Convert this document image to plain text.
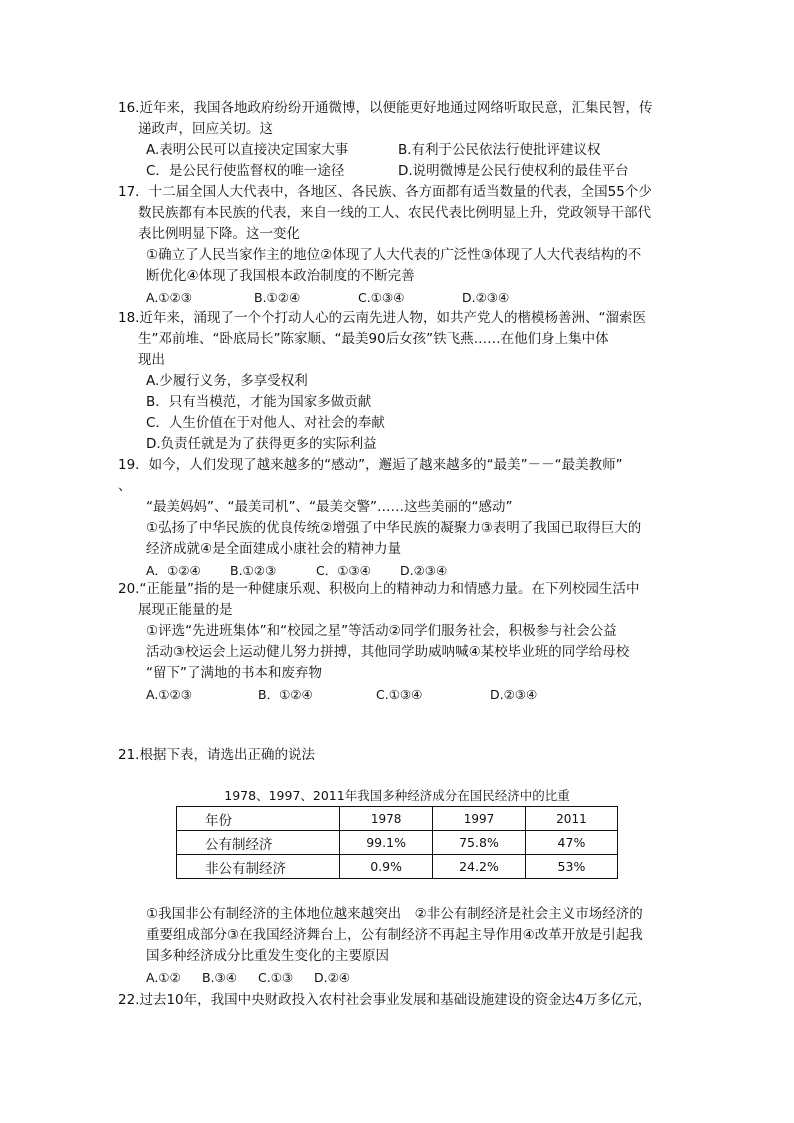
16.近年来，我国各地政府纷纷开通微博，以便能更好地通过网络听取民意，汇集民智，传
递政声，回应关切。这
A.表明公民可以直接决定国家大事	B.有利于公民依法行使批评建议权
C．是公民行使监督权的唯一途径	D.说明微博是公民行使权利的最佳平台
17．十二届全国人大代表中，各地区、各民族、各方面都有适当数量的代表，全国55个少
数民族都有本民族的代表，来自一线的工人、农民代表比例明显上升，党政领导干部代
表比例明显下降。这一变化
①确立了人民当家作主的地位②体现了人大代表的广泛性③体现了人大代表结构的不
断优化④体现了我国根本政治制度的不断完善
A.①②③	B.①②④	C.①③④	D.②③④
18.近年来，涌现了一个个打动人心的云南先进人物，如共产党人的楷模杨善洲、“溜索医
生”邓前堆、“卧底局长”陈家顺、“最美90后女孩”铁飞燕……在他们身上集中体
现出
A.少履行义务，多享受权利
B．只有当模范，才能为国家多做贡献
C．人生价值在于对他人、对社会的奉献
D.负责任就是为了获得更多的实际利益
19．如今，人们发现了越来越多的“感动”，邂逅了越来越多的“最美”－－“最美教师”
、
“最美妈妈”、“最美司机”、“最美交警”……这些美丽的“感动”
①弘扬了中华民族的优良传统②增强了中华民族的凝聚力③表明了我国已取得巨大的
经济成就④是全面建成小康社会的精神力量
A．①②④	B.①②③	C．①③④	D.②③④
20.“正能量”指的是一种健康乐观、积极向上的精神动力和情感力量。在下列校园生活中
展现正能量的是
①评选“先进班集体”和“校园之星”等活动②同学们服务社会，积极参与社会公益
活动③校运会上运动健儿努力拼搏，其他同学助威呐喊④某校毕业班的同学给母校
“留下”了满地的书本和废弃物
A.①②③	B．①②④	C.①③④	D.②③④
21.根据下表，请选出正确的说法
1978、1997、2011年我国多种经济成分在国民经济中的比重
年份	1978	1997	2011
公有制经济	99.1%	75.8%	47%
非公有制经济	0.9%	24.2%	53%
①我国非公有制经济的主体地位越来越突出　②非公有制经济是社会主义市场经济的
重要组成部分③在我国经济舞台上，公有制经济不再起主导作用④改革开放是引起我
国多种经济成分比重发生变化的主要原因
A.①②	B.③④	C.①③	D.②④
22.过去10年，我国中央财政投入农村社会事业发展和基础设施建设的资金达4万多亿元，
